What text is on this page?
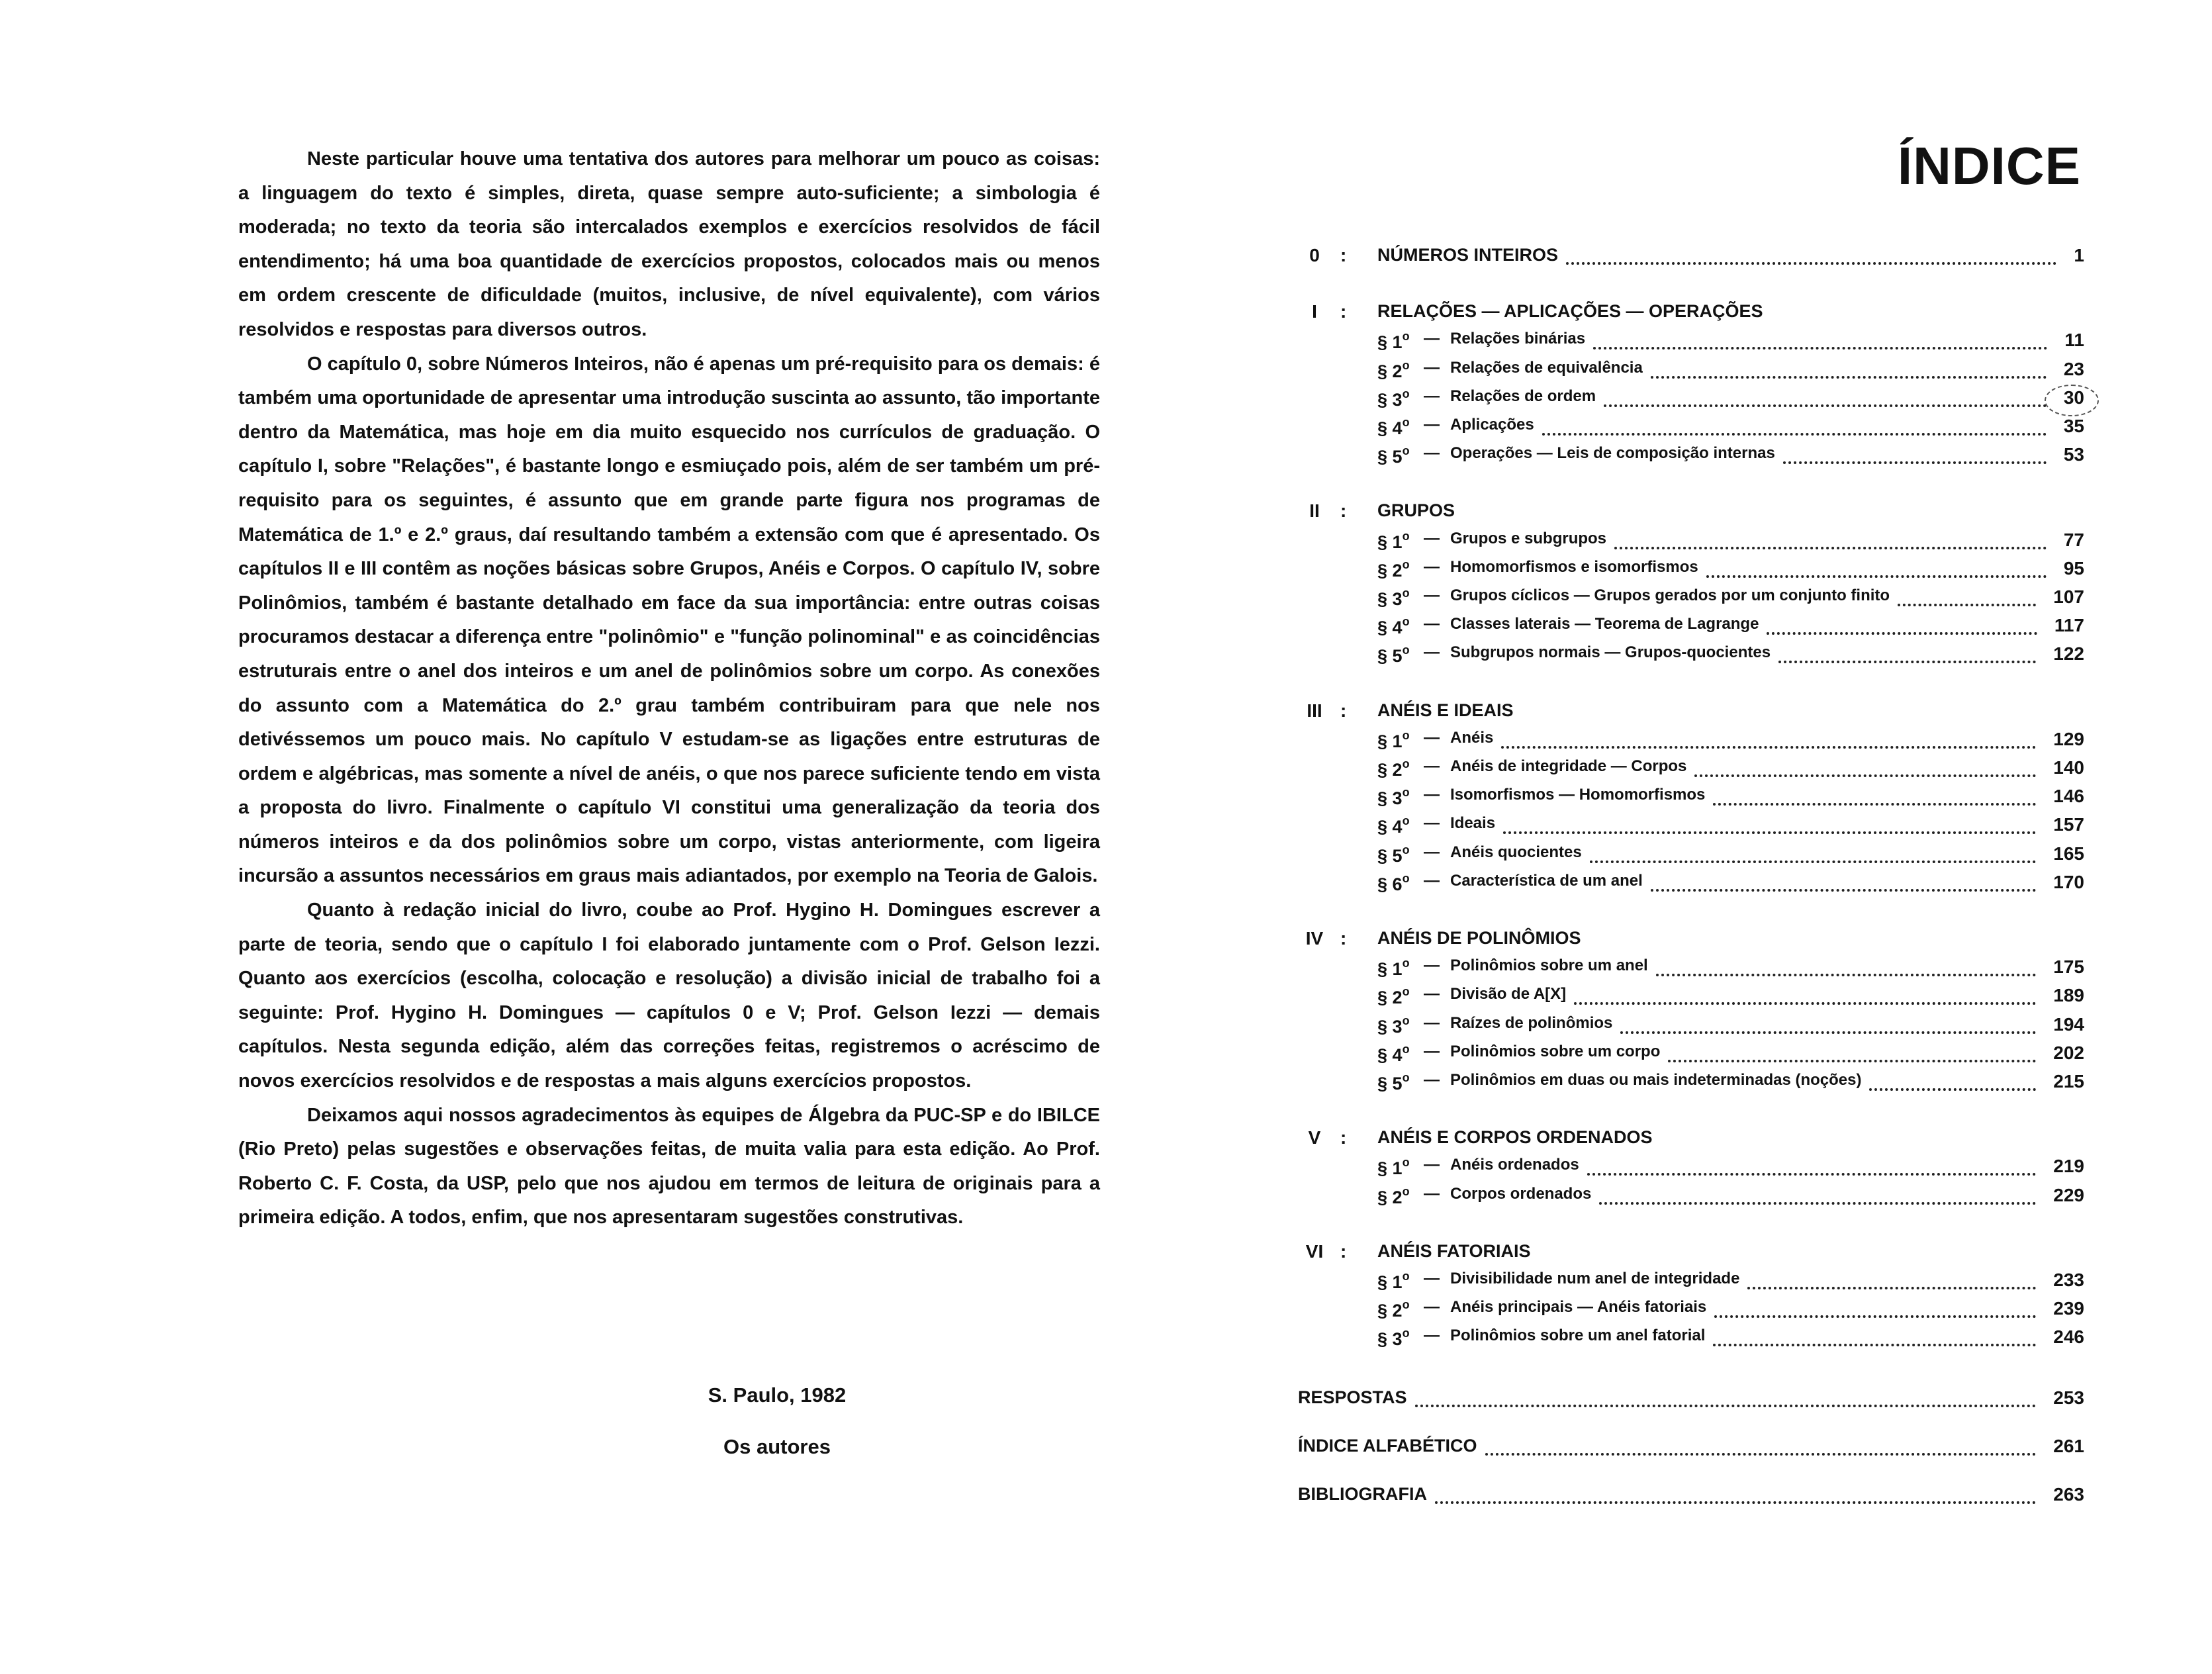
Neste particular houve uma tentativa dos autores para melhorar um pouco as coisas: a linguagem do texto é simples, direta, quase sempre auto-suficiente; a simbologia é moderada; no texto da teoria são intercalados exemplos e exercícios resolvidos de fácil entendimento; há uma boa quantidade de exercícios propostos, colocados mais ou menos em ordem crescente de dificuldade (muitos, inclusive, de nível equivalente), com vários resolvidos e respostas para diversos outros.

O capítulo 0, sobre Números Inteiros, não é apenas um pré-requisito para os demais: é também uma oportunidade de apresentar uma introdução suscinta ao assunto, tão importante dentro da Matemática, mas hoje em dia muito esquecido nos currículos de graduação. O capítulo I, sobre "Relações", é bastante longo e esmiuçado pois, além de ser também um pré-requisito para os seguintes, é assunto que em grande parte figura nos programas de Matemática de 1.º e 2.º graus, daí resultando também a extensão com que é apresentado. Os capítulos II e III contêm as noções básicas sobre Grupos, Anéis e Corpos. O capítulo IV, sobre Polinômios, também é bastante detalhado em face da sua importância: entre outras coisas procuramos destacar a diferença entre "polinômio" e "função polinominal" e as coincidências estruturais entre o anel dos inteiros e um anel de polinômios sobre um corpo. As conexões do assunto com a Matemática do 2.º grau também contribuiram para que nele nos detivéssemos um pouco mais. No capítulo V estudam-se as ligações entre estruturas de ordem e algébricas, mas somente a nível de anéis, o que nos parece suficiente tendo em vista a proposta do livro. Finalmente o capítulo VI constitui uma generalização da teoria dos números inteiros e da dos polinômios sobre um corpo, vistas anteriormente, com ligeira incursão a assuntos necessários em graus mais adiantados, por exemplo na Teoria de Galois.

Quanto à redação inicial do livro, coube ao Prof. Hygino H. Domingues escrever a parte de teoria, sendo que o capítulo I foi elaborado juntamente com o Prof. Gelson Iezzi. Quanto aos exercícios (escolha, colocação e resolução) a divisão inicial de trabalho foi a seguinte: Prof. Hygino H. Domingues — capítulos 0 e V; Prof. Gelson Iezzi — demais capítulos. Nesta segunda edição, além das correções feitas, registremos o acréscimo de novos exercícios resolvidos e de respostas a mais alguns exercícios propostos.

Deixamos aqui nossos agradecimentos às equipes de Álgebra da PUC-SP e do IBILCE (Rio Preto) pelas sugestões e observações feitas, de muita valia para esta edição. Ao Prof. Roberto C. F. Costa, da USP, pelo que nos ajudou em termos de leitura de originais para a primeira edição. A todos, enfim, que nos apresentaram sugestões construtivas.

S. Paulo, 1982
Os autores
ÍNDICE
0	: NÚMEROS INTEIROS	1
I	: RELAÇÕES — APLICAÇÕES — OPERAÇÕES
§ 1$^o$ — Relações binárias	11
§ 2$^o$ — Relações de equivalência	23
§ 3$^o$ — Relações de ordem	30
§ 4$^o$ — Aplicações	35
§ 5$^o$ — Operações — Leis de composição internas	53
II	: GRUPOS
§ 1$^o$ — Grupos e subgrupos	77
§ 2$^o$ — Homomorfismos e isomorfismos	95
§ 3$^o$ — Grupos cíclicos — Grupos gerados por um conjunto finito	107
§ 4$^o$ — Classes laterais — Teorema de Lagrange	117
§ 5$^o$ — Subgrupos normais — Grupos-quocientes	122
III : ANÉIS E IDEAIS
§ 1$^o$ — Anéis	129
§ 2$^o$ — Anéis de integridade — Corpos	140
§ 3$^o$ — Isomorfismos — Homomorfismos	146
§ 4$^o$ — Ideais	157
§ 5$^o$ — Anéis quocientes	165
§ 6$^o$ — Característica de um anel	170
IV : ANÉIS DE POLINÔMIOS
§ 1$^o$ — Polinômios sobre um anel	175
§ 2$^o$ — Divisão de A[X]	189
§ 3$^o$ — Raízes de polinômios	194
§ 4$^o$ — Polinômios sobre um corpo	202
§ 5$^o$ — Polinômios em duas ou mais indeterminadas (noções)	215
V	: ANÉIS E CORPOS ORDENADOS
§ 1$^o$ — Anéis ordenados	219
§ 2$^o$ — Corpos ordenados	229
VI : ANÉIS FATORIAIS
§ 1$^o$ — Divisibilidade num anel de integridade	233
§ 2$^o$ — Anéis principais — Anéis fatoriais	239
§ 3$^o$ — Polinômios sobre um anel fatorial	246
RESPOSTAS	253
ÍNDICE ALFABÉTICO	261
BIBLIOGRAFIA	263
